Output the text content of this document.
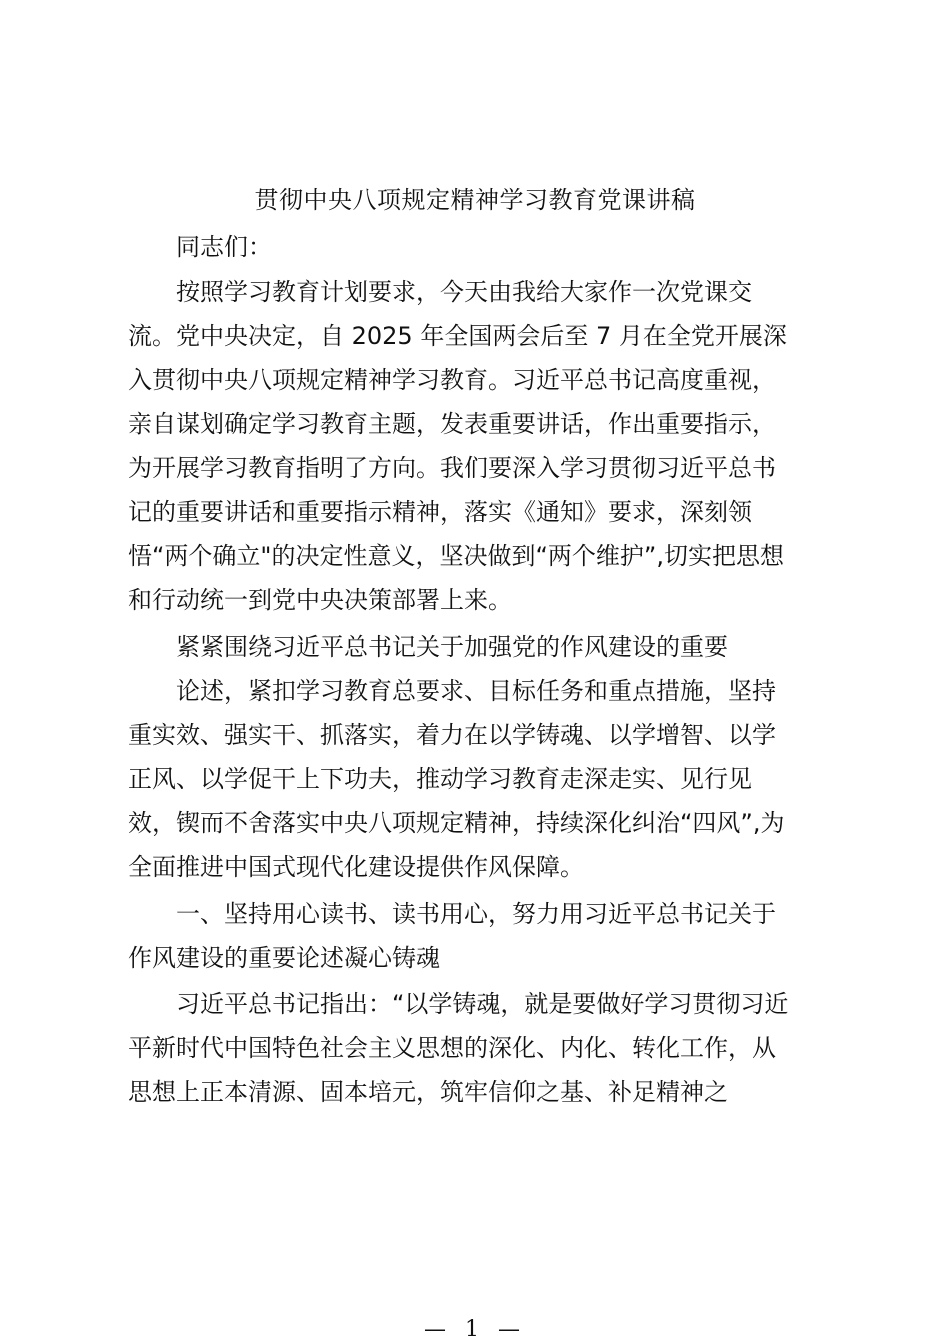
贯彻中央八项规定精神学习教育党课讲稿

同志们：

按照学习教育计划要求，今天由我给大家作一次党课交

流。党中央决定，自 2025 年全国两会后至 7 月在全党开展深

入贯彻中央八项规定精神学习教育。习近平总书记高度重视，

亲自谋划确定学习教育主题，发表重要讲话，作出重要指示，

为开展学习教育指明了方向。我们要深入学习贯彻习近平总书

记的重要讲话和重要指示精神，落实《通知》要求，深刻领

悟“两个确立"的决定性意义，坚决做到“两个维护”,切实把思想

和行动统一到党中央决策部署上来。

紧紧围绕习近平总书记关于加强党的作风建设的重要

论述，紧扣学习教育总要求、目标任务和重点措施，坚持

重实效、强实干、抓落实，着力在以学铸魂、以学增智、以学

正风、以学促干上下功夫，推动学习教育走深走实、见行见

效，锲而不舍落实中央八项规定精神，持续深化纠治“四风”,为

全面推进中国式现代化建设提供作风保障。

一、坚持用心读书、读书用心，努力用习近平总书记关于

作风建设的重要论述凝心铸魂

习近平总书记指出：“以学铸魂，就是要做好学习贯彻习近

平新时代中国特色社会主义思想的深化、内化、转化工作，从

思想上正本清源、固本培元，筑牢信仰之基、补足精神之

— 1 —
